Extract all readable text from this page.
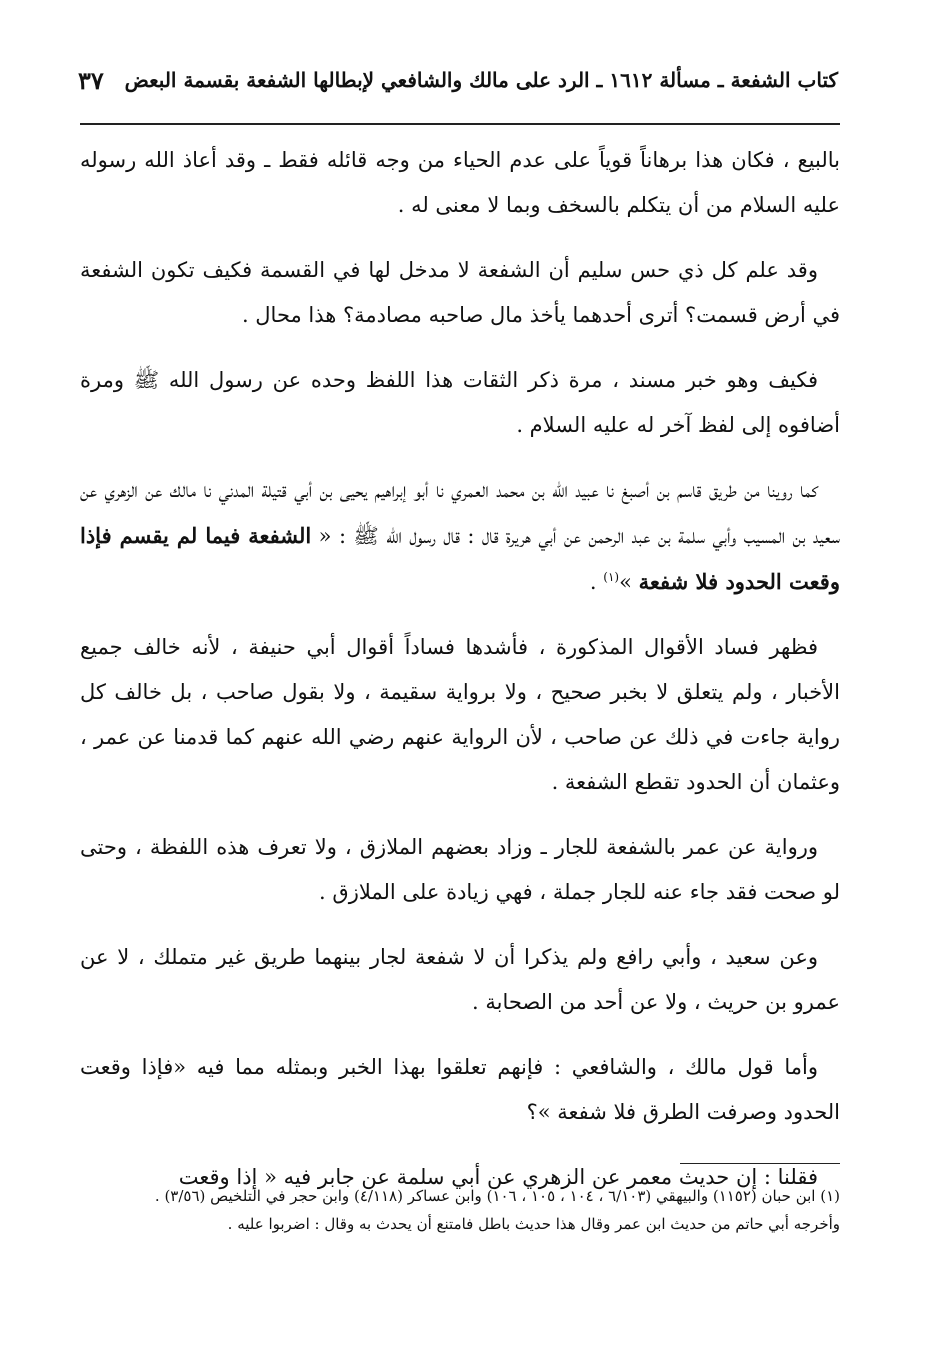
كتاب الشفعة ـ مسألة ١٦١٢ ـ الرد على مالك والشافعي لإبطالها الشفعة بقسمة البعض
٣٧

بالبيع ، فكان هذا برهاناً قوياً على عدم الحياء من وجه قائله فقط ـ وقد أعاذ الله رسوله عليه السلام من أن يتكلم بالسخف وبما لا معنى له .

وقد علم كل ذي حس سليم أن الشفعة لا مدخل لها في القسمة فكيف تكون الشفعة في أرض قسمت؟ أترى أحدهما يأخذ مال صاحبه مصادمة؟ هذا محال .

فكيف وهو خبر مسند ، مرة ذكر الثقات هذا اللفظ وحده عن رسول الله ﷺ ومرة أضافوه إلى لفظ آخر له عليه السلام .

كما روينا من طريق قاسم بن أصبغ نا عبيد الله بن محمد العمري نا أبو إبراهيم يحيى بن أبي قتيلة المدني نا مالك عن الزهري عن سعيد بن المسيب وأبي سلمة بن عبد الرحمن عن أبي هريرة قال : قال رسول الله ﷺ : « الشفعة فيما لم يقسم فإذا وقعت الحدود فلا شفعة »$^{(١)}$ .

فظهر فساد الأقوال المذكورة ، فأشدها فساداً أقوال أبي حنيفة ، لأنه خالف جميع الأخبار ، ولم يتعلق لا بخبر صحيح ، ولا برواية سقيمة ، ولا بقول صاحب ، بل خالف كل رواية جاءت في ذلك عن صاحب ، لأن الرواية عنهم رضي الله عنهم كما قدمنا عن عمر ، وعثمان أن الحدود تقطع الشفعة .

ورواية عن عمر بالشفعة للجار ـ وزاد بعضهم الملازق ، ولا تعرف هذه اللفظة ، وحتى لو صحت فقد جاء عنه للجار جملة ، فهي زيادة على الملازق .

وعن سعيد ، وأبي رافع ولم يذكرا أن لا شفعة لجار بينهما طريق غير متملك ، لا عن عمرو بن حريث ، ولا عن أحد من الصحابة .

وأما قول مالك ، والشافعي : فإنهم تعلقوا بهذا الخبر وبمثله مما فيه «فإذا وقعت الحدود وصرفت الطرق فلا شفعة »؟

فقلنا : إن حديث معمر عن الزهري عن أبي سلمة عن جابر فيه « إذا وقعت

(١) ابن حبان (١١٥٢) والبيهقي (٦/١٠٣ ، ١٠٤ ، ١٠٥ ، ١٠٦) وابن عساكر (٤/١١٨) وابن حجر في التلخيص (٣/٥٦) .

وأخرجه أبي حاتم من حديث ابن عمر وقال هذا حديث باطل فامتنع أن يحدث به وقال : اضربوا عليه .
